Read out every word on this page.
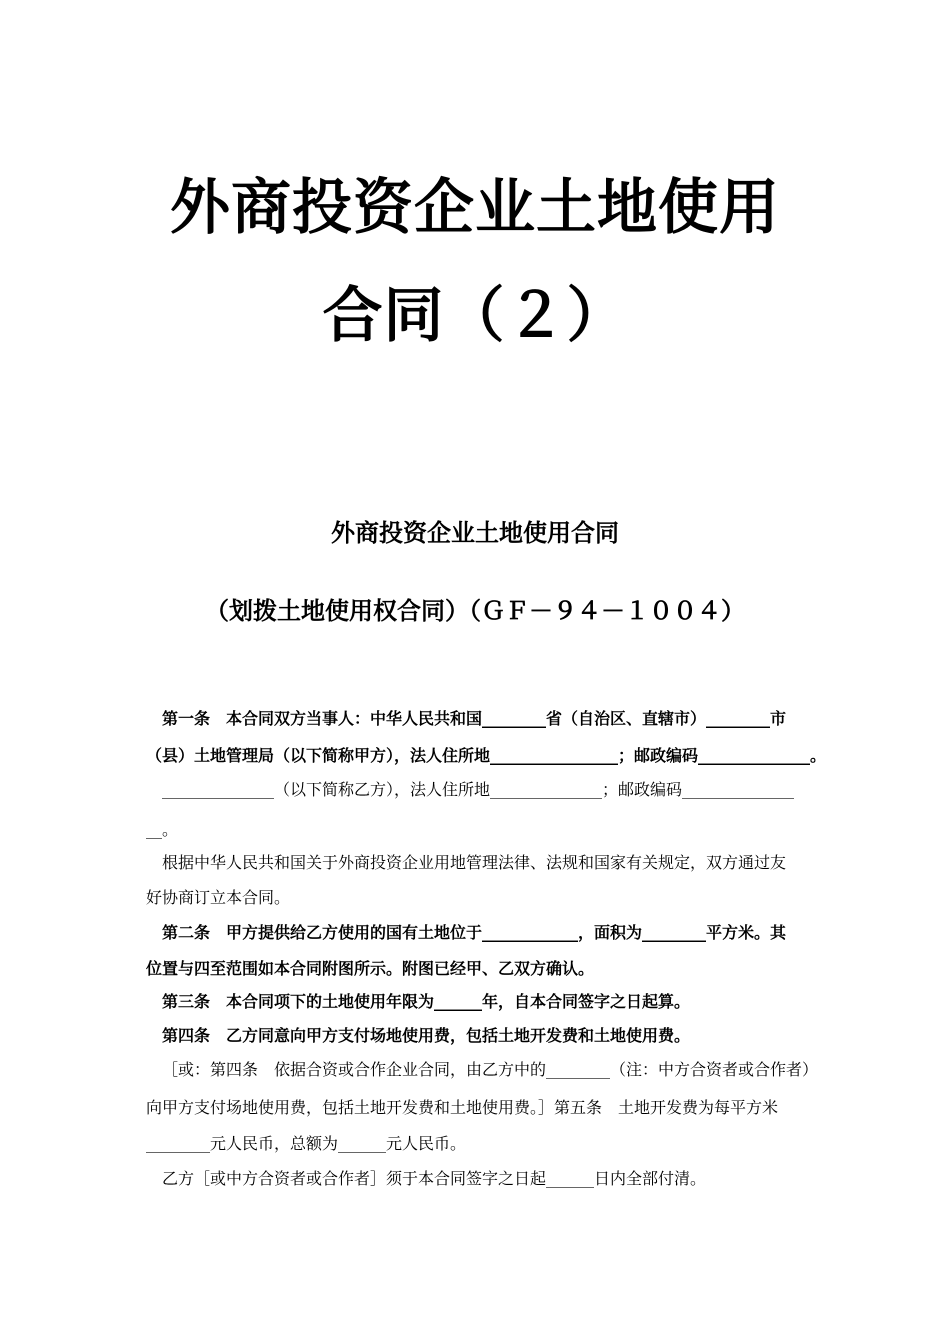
外商投资企业土地使用
合同（２）
外商投资企业土地使用合同
（划拨土地使用权合同）（ＧＦ－９４－１００４）
第一条　本合同双方当事人：中华人民共和国________省（自治区、直辖市）________市
（县）土地管理局（以下简称甲方），法人住所地________________；邮政编码______________。
______________（以下简称乙方），法人住所地______________；邮政编码______________
__。
根据中华人民共和国关于外商投资企业用地管理法律、法规和国家有关规定，双方通过友
好协商订立本合同。
第二条　甲方提供给乙方使用的国有土地位于____________，面积为________平方米。其
位置与四至范围如本合同附图所示。附图已经甲、乙双方确认。
第三条　本合同项下的土地使用年限为______年，自本合同签字之日起算。
第四条　乙方同意向甲方支付场地使用费，包括土地开发费和土地使用费。
［或：第四条　依据合资或合作企业合同，由乙方中的________（注：中方合资者或合作者）
向甲方支付场地使用费，包括土地开发费和土地使用费。］第五条　土地开发费为每平方米
________元人民币，总额为______元人民币。
乙方［或中方合资者或合作者］须于本合同签字之日起______日内全部付清。
